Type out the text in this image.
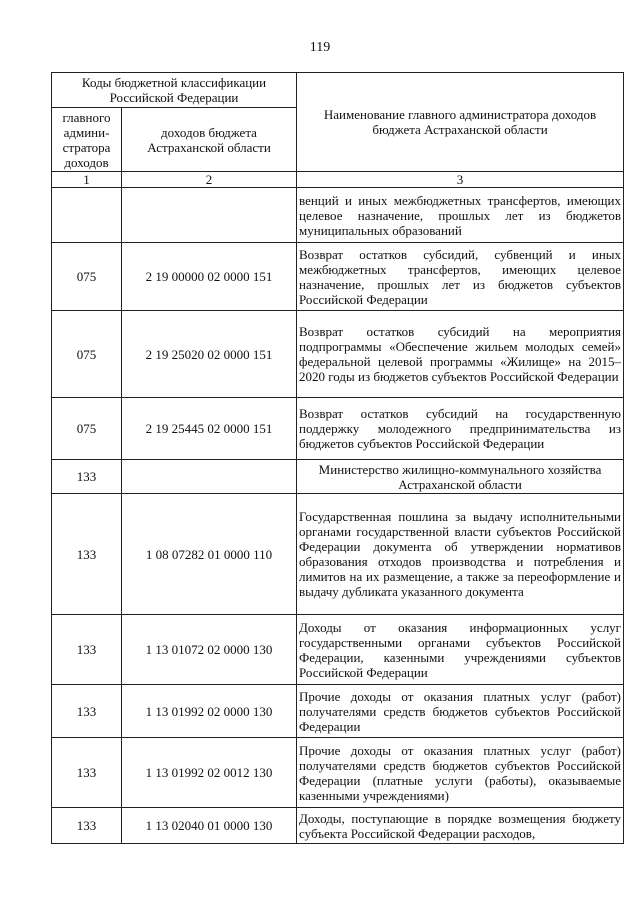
119
Коды бюджетной классификации Российской Федерации		Наименование главного администратора доходов бюджета Астраханской области
главного админи-стратора доходов	доходов бюджета Астраханской области	
1	2	3
		венций и иных межбюджетных трансфертов, имеющих целевое назначение, прошлых лет из бюджетов муниципальных образований
075	2 19 00000 02 0000 151	Возврат остатков субсидий, субвенций и иных межбюджетных трансфертов, имеющих целевое назначение, прошлых лет из бюджетов субъектов Российской Федерации
075	2 19 25020 02 0000 151	Возврат остатков субсидий на мероприятия подпрограммы «Обеспечение жильем молодых семей» федеральной целевой программы «Жилище» на 2015–2020 годы из бюджетов субъектов Российской Федерации
075	2 19 25445 02 0000 151	Возврат остатков субсидий на государственную поддержку молодежного предпринимательства из бюджетов субъектов Российской Федерации
133		Министерство жилищно-коммунального хозяйства Астраханской области
133	1 08 07282 01 0000 110	Государственная пошлина за выдачу исполнительными органами государственной власти субъектов Российской Федерации документа об утверждении нормативов образования отходов производства и потребления и лимитов на их размещение, а также за переоформление и выдачу дубликата указанного документа
133	1 13 01072 02 0000 130	Доходы от оказания информационных услуг государственными органами субъектов Российской Федерации, казенными учреждениями субъектов Российской Федерации
133	1 13 01992 02 0000 130	Прочие доходы от оказания платных услуг (работ) получателями средств бюджетов субъектов Российской Федерации
133	1 13 01992 02 0012 130	Прочие доходы от оказания платных услуг (работ) получателями средств бюджетов субъектов Российской Федерации (платные услуги (работы), оказываемые казенными учреждениями)
133	1 13 02040 01 0000 130	Доходы, поступающие в порядке возмещения бюджету субъекта Российской Федерации расходов,
